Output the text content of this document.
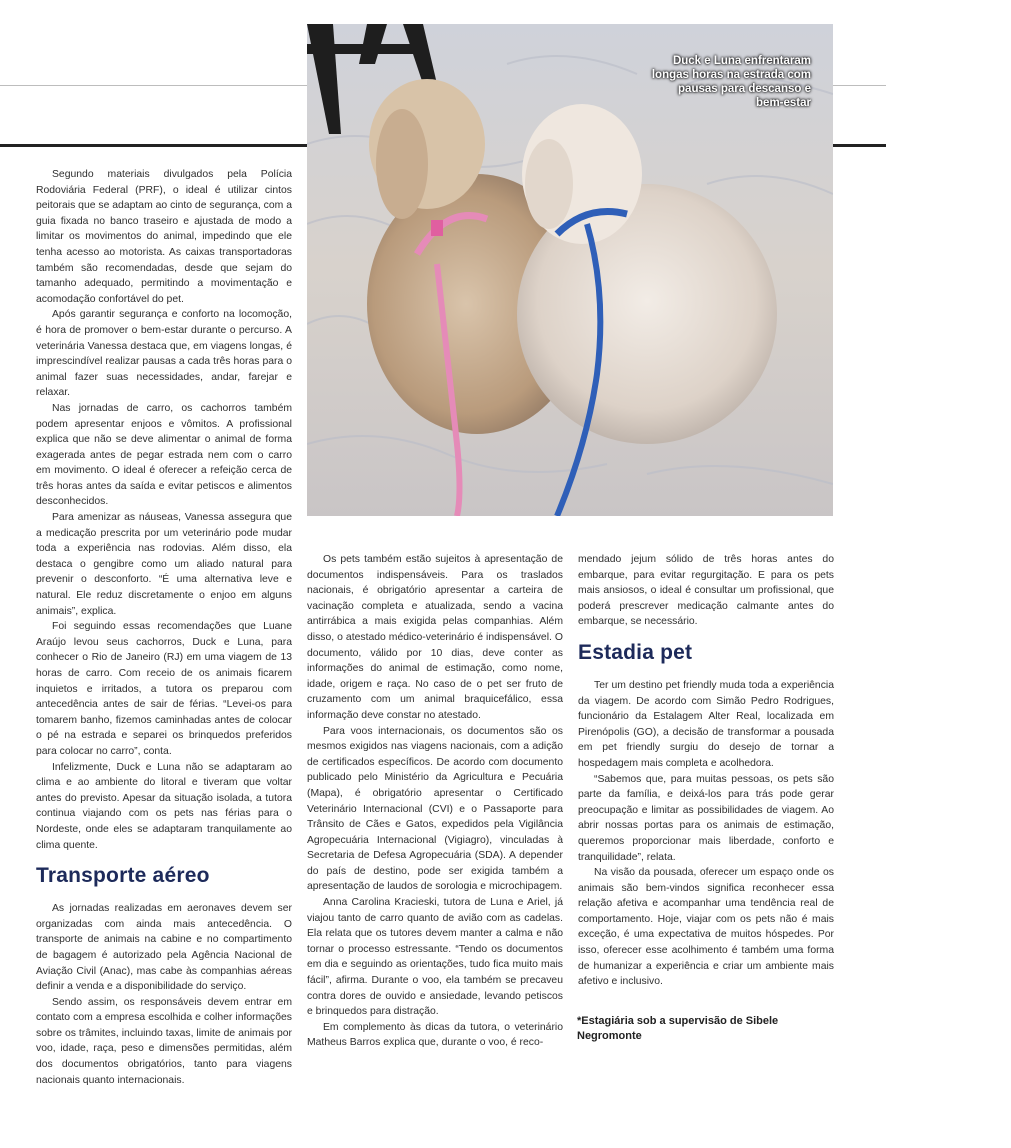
Duck e Luna enfrentaram longas horas na estrada com pausas para descanso e bem-estar

Segundo materiais divulgados pela Polícia Rodoviária Federal (PRF), o ideal é utilizar cintos peitorais que se adaptam ao cinto de segurança, com a guia fixada no banco traseiro e ajustada de modo a limitar os movimentos do animal, impedindo que ele tenha acesso ao motorista. As caixas transportadoras também são recomendadas, desde que sejam do tamanho adequado, permitindo a movimentação e acomodação confortável do pet.

Após garantir segurança e conforto na locomoção, é hora de promover o bem-estar durante o percurso. A veterinária Vanessa destaca que, em viagens longas, é imprescindível realizar pausas a cada três horas para o animal fazer suas necessidades, andar, farejar e relaxar.

Nas jornadas de carro, os cachorros também podem apresentar enjoos e vômitos. A profissional explica que não se deve alimentar o animal de forma exagerada antes de pegar estrada nem com o carro em movimento. O ideal é oferecer a refeição cerca de três horas antes da saída e evitar petiscos e alimentos desconhecidos.

Para amenizar as náuseas, Vanessa assegura que a medicação prescrita por um veterinário pode mudar toda a experiência nas rodovias. Além disso, ela destaca o gengibre como um aliado natural para prevenir o desconforto. “É uma alternativa leve e natural. Ele reduz discretamente o enjoo em alguns animais”, explica.

Foi seguindo essas recomendações que Luane Araújo levou seus cachorros, Duck e Luna, para conhecer o Rio de Janeiro (RJ) em uma viagem de 13 horas de carro. Com receio de os animais ficarem inquietos e irritados, a tutora os preparou com antecedência antes de sair de férias. “Levei-os para tomarem banho, fizemos caminhadas antes de colocar o pé na estrada e separei os brinquedos preferidos para colocar no carro”, conta.

Infelizmente, Duck e Luna não se adaptaram ao clima e ao ambiente do litoral e tiveram que voltar antes do previsto. Apesar da situação isolada, a tutora continua viajando com os pets nas férias para o Nordeste, onde eles se adaptaram tranquilamente ao clima quente.

Transporte aéreo

As jornadas realizadas em aeronaves devem ser organizadas com ainda mais antecedência. O transporte de animais na cabine e no compartimento de bagagem é autorizado pela Agência Nacional de Aviação Civil (Anac), mas cabe às companhias aéreas definir a venda e a disponibilidade do serviço.

Sendo assim, os responsáveis devem entrar em contato com a empresa escolhida e colher informações sobre os trâmites, incluindo taxas, limite de animais por voo, idade, raça, peso e dimensões permitidas, além dos documentos obrigatórios, tanto para viagens nacionais quanto internacionais.

Os pets também estão sujeitos à apresentação de documentos indispensáveis. Para os traslados nacionais, é obrigatório apresentar a carteira de vacinação completa e atualizada, sendo a vacina antirrábica a mais exigida pelas companhias. Além disso, o atestado médico-veterinário é indispensável. O documento, válido por 10 dias, deve conter as informações do animal de estimação, como nome, idade, origem e raça. No caso de o pet ser fruto de cruzamento com um animal braquicefálico, essa informação deve constar no atestado.

Para voos internacionais, os documentos são os mesmos exigidos nas viagens nacionais, com a adição de certificados específicos. De acordo com documento publicado pelo Ministério da Agricultura e Pecuária (Mapa), é obrigatório apresentar o Certificado Veterinário Internacional (CVI) e o Passaporte para Trânsito de Cães e Gatos, expedidos pela Vigilância Agropecuária Internacional (Vigiagro), vinculadas à Secretaria de Defesa Agropecuária (SDA). A depender do país de destino, pode ser exigida também a apresentação de laudos de sorologia e microchipagem.

Anna Carolina Kracieski, tutora de Luna e Ariel, já viajou tanto de carro quanto de avião com as cadelas. Ela relata que os tutores devem manter a calma e não tornar o processo estressante. “Tendo os documentos em dia e seguindo as orientações, tudo fica muito mais fácil”, afirma. Durante o voo, ela também se precaveu contra dores de ouvido e ansiedade, levando petiscos e brinquedos para distração.

Em complemento às dicas da tutora, o veterinário Matheus Barros explica que, durante o voo, é reco-

mendado jejum sólido de três horas antes do embarque, para evitar regurgitação. E para os pets mais ansiosos, o ideal é consultar um profissional, que poderá prescrever medicação calmante antes do embarque, se necessário.

Estadia pet

Ter um destino pet friendly muda toda a experiência da viagem. De acordo com Simão Pedro Rodrigues, funcionário da Estalagem Alter Real, localizada em Pirenópolis (GO), a decisão de transformar a pousada em pet friendly surgiu do desejo de tornar a hospedagem mais completa e acolhedora.

“Sabemos que, para muitas pessoas, os pets são parte da família, e deixá-los para trás pode gerar preocupação e limitar as possibilidades de viagem. Ao abrir nossas portas para os animais de estimação, queremos proporcionar mais liberdade, conforto e tranquilidade”, relata.

Na visão da pousada, oferecer um espaço onde os animais são bem-vindos significa reconhecer essa relação afetiva e acompanhar uma tendência real de comportamento. Hoje, viajar com os pets não é mais exceção, é uma expectativa de muitos hóspedes. Por isso, oferecer esse acolhimento é também uma forma de humanizar a experiência e criar um ambiente mais afetivo e inclusivo.

*Estagiária sob a supervisão de Sibele Negromonte
